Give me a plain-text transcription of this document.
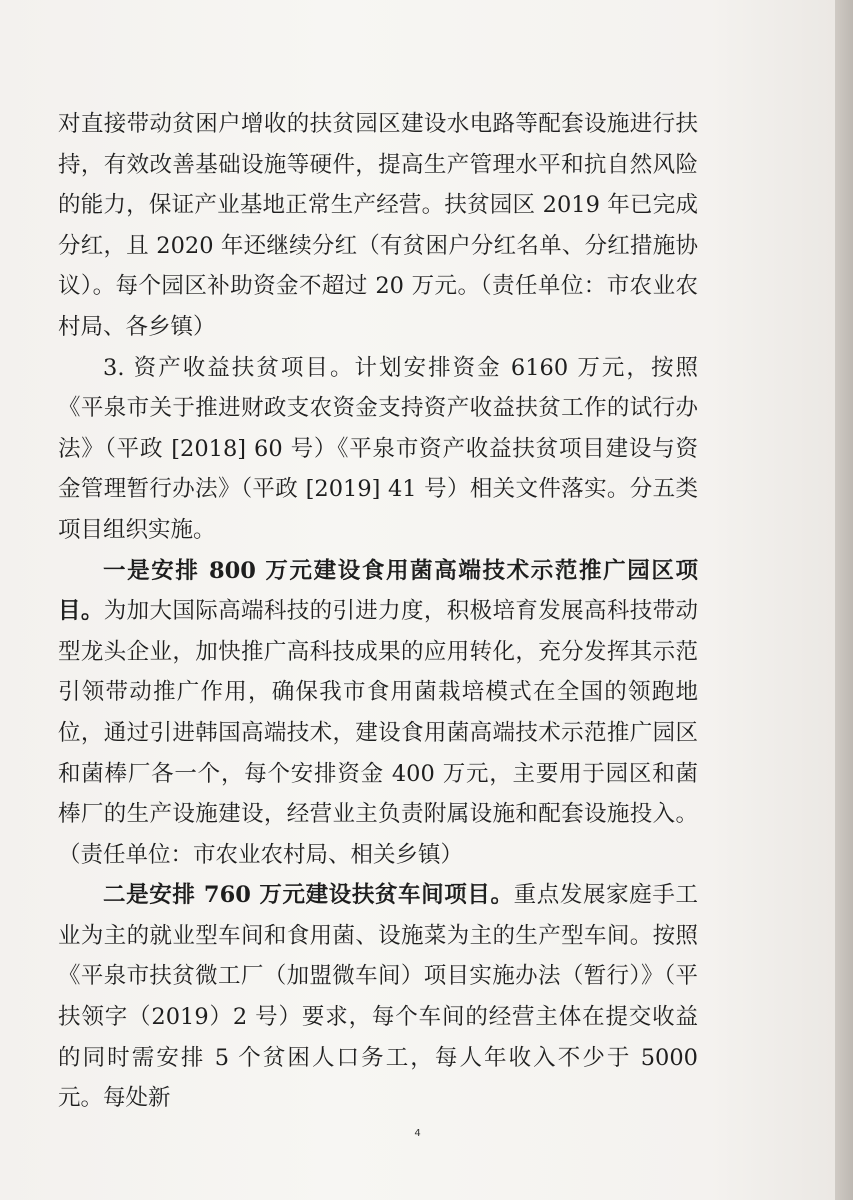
对直接带动贫困户增收的扶贫园区建设水电路等配套设施进行扶持，有效改善基础设施等硬件，提高生产管理水平和抗自然风险的能力，保证产业基地正常生产经营。扶贫园区 2019 年已完成分红，且 2020 年还继续分红（有贫困户分红名单、分红措施协议）。每个园区补助资金不超过 20 万元。（责任单位：市农业农村局、各乡镇）

3. 资产收益扶贫项目。计划安排资金 6160 万元，按照《平泉市关于推进财政支农资金支持资产收益扶贫工作的试行办法》（平政 [2018] 60 号）《平泉市资产收益扶贫项目建设与资金管理暂行办法》（平政 [2019] 41 号）相关文件落实。分五类项目组织实施。

一是安排 800 万元建设食用菌高端技术示范推广园区项目。为加大国际高端科技的引进力度，积极培育发展高科技带动型龙头企业，加快推广高科技成果的应用转化，充分发挥其示范引领带动推广作用，确保我市食用菌栽培模式在全国的领跑地位，通过引进韩国高端技术，建设食用菌高端技术示范推广园区和菌棒厂各一个，每个安排资金 400 万元，主要用于园区和菌棒厂的生产设施建设，经营业主负责附属设施和配套设施投入。（责任单位：市农业农村局、相关乡镇）

二是安排 760 万元建设扶贫车间项目。重点发展家庭手工业为主的就业型车间和食用菌、设施菜为主的生产型车间。按照《平泉市扶贫微工厂（加盟微车间）项目实施办法（暂行）》（平扶领字（2019）2 号）要求，每个车间的经营主体在提交收益的同时需安排 5 个贫困人口务工，每人年收入不少于 5000 元。每处新

4
